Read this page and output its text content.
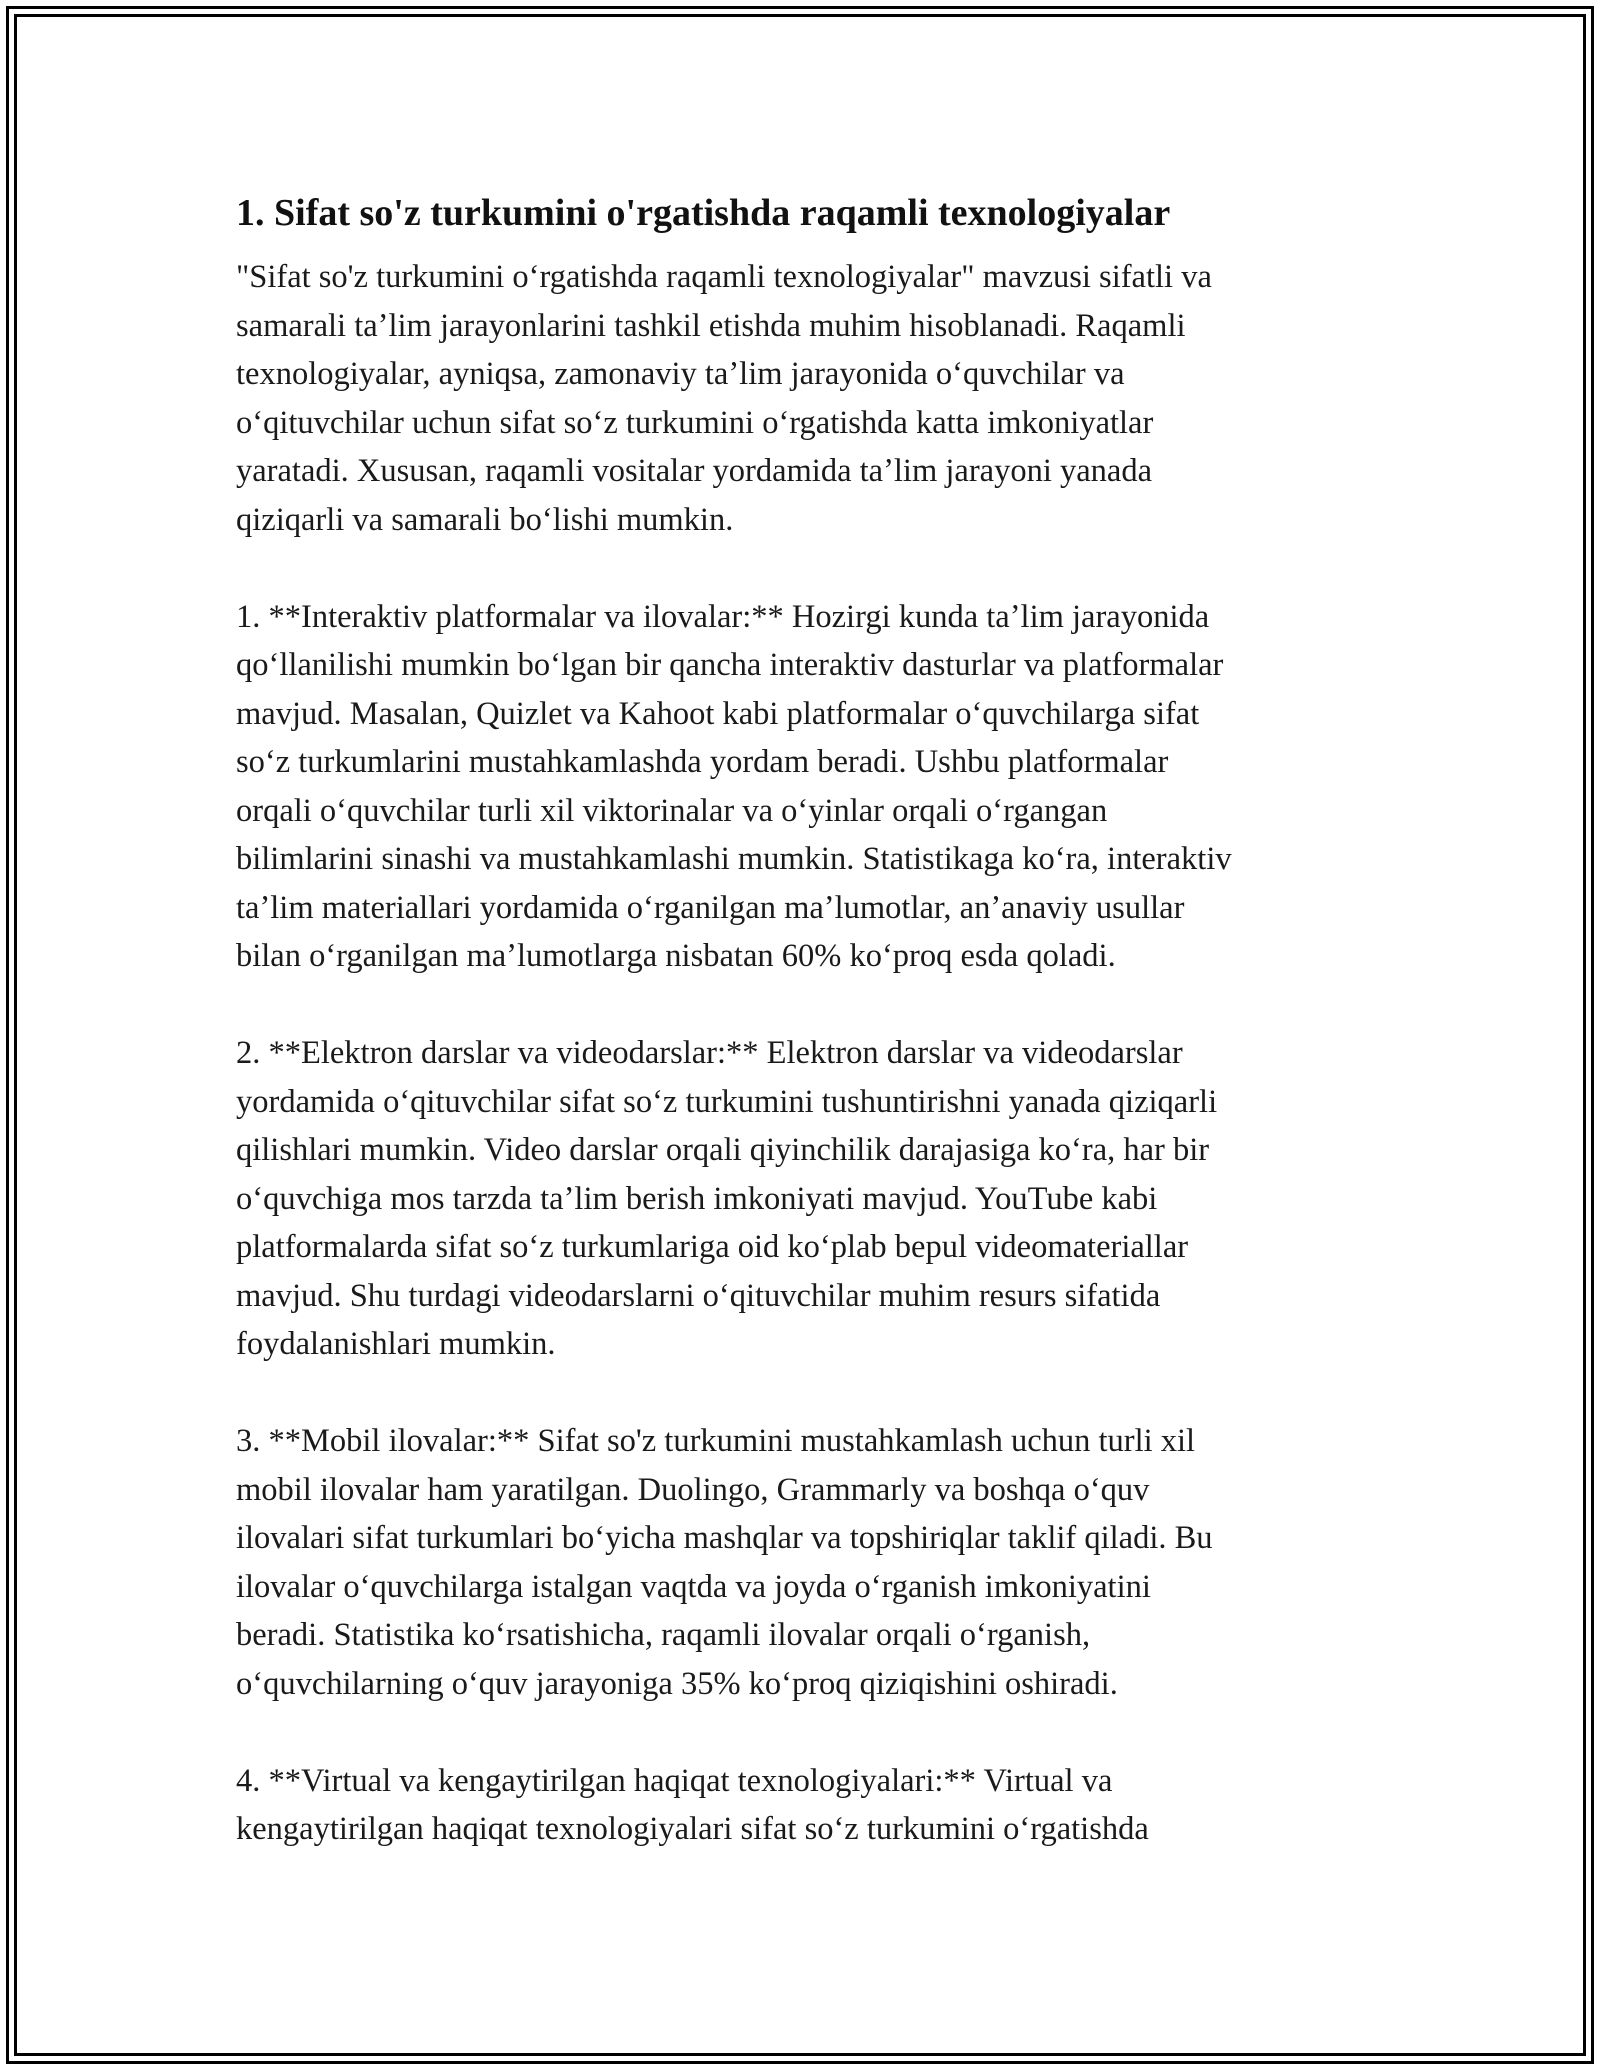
1. Sifat so'z turkumini o'rgatishda raqamli texnologiyalar
"Sifat so'z turkumini oʻrgatishda raqamli texnologiyalar" mavzusi sifatli va
samarali taʼlim jarayonlarini tashkil etishda muhim hisoblanadi. Raqamli
texnologiyalar, ayniqsa, zamonaviy taʼlim jarayonida oʻquvchilar va
oʻqituvchilar uchun sifat soʻz turkumini oʻrgatishda katta imkoniyatlar
yaratadi. Xususan, raqamli vositalar yordamida taʼlim jarayoni yanada
qiziqarli va samarali boʻlishi mumkin.
1. **Interaktiv platformalar va ilovalar:** Hozirgi kunda taʼlim jarayonida
qoʻllanilishi mumkin boʻlgan bir qancha interaktiv dasturlar va platformalar
mavjud. Masalan, Quizlet va Kahoot kabi platformalar oʻquvchilarga sifat
soʻz turkumlarini mustahkamlashda yordam beradi. Ushbu platformalar
orqali oʻquvchilar turli xil viktorinalar va oʻyinlar orqali oʻrgangan
bilimlarini sinashi va mustahkamlashi mumkin. Statistikaga koʻra, interaktiv
taʼlim materiallari yordamida oʻrganilgan maʼlumotlar, anʼanaviy usullar
bilan oʻrganilgan maʼlumotlarga nisbatan 60% koʻproq esda qoladi.
2. **Elektron darslar va videodarslar:** Elektron darslar va videodarslar
yordamida oʻqituvchilar sifat soʻz turkumini tushuntirishni yanada qiziqarli
qilishlari mumkin. Video darslar orqali qiyinchilik darajasiga koʻra, har bir
oʻquvchiga mos tarzda taʼlim berish imkoniyati mavjud. YouTube kabi
platformalarda sifat soʻz turkumlariga oid koʻplab bepul videomateriallar
mavjud. Shu turdagi videodarslarni oʻqituvchilar muhim resurs sifatida
foydalanishlari mumkin.
3. **Mobil ilovalar:** Sifat so'z turkumini mustahkamlash uchun turli xil
mobil ilovalar ham yaratilgan. Duolingo, Grammarly va boshqa oʻquv
ilovalari sifat turkumlari boʻyicha mashqlar va topshiriqlar taklif qiladi. Bu
ilovalar oʻquvchilarga istalgan vaqtda va joyda oʻrganish imkoniyatini
beradi. Statistika koʻrsatishicha, raqamli ilovalar orqali oʻrganish,
oʻquvchilarning oʻquv jarayoniga 35% koʻproq qiziqishini oshiradi.
4. **Virtual va kengaytirilgan haqiqat texnologiyalari:** Virtual va
kengaytirilgan haqiqat texnologiyalari sifat soʻz turkumini oʻrgatishda
